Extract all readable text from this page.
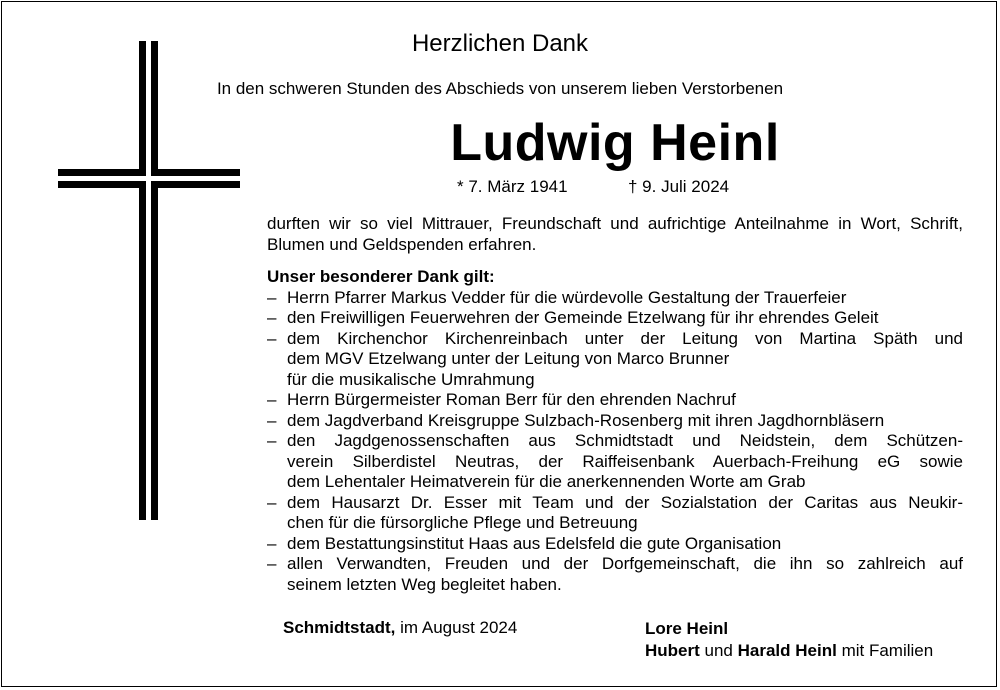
Herzlichen Dank
In den schweren Stunden des Abschieds von unserem lieben Verstorbenen
Ludwig Heinl
* 7. März 1941	† 9. Juli 2024
durften wir so viel Mittrauer, Freundschaft und aufrichtige Anteilnahme in Wort, Schrift, Blumen und Geldspenden erfahren.
Unser besonderer Dank gilt:
– Herrn Pfarrer Markus Vedder für die würdevolle Gestaltung der Trauerfeier
– den Freiwilligen Feuerwehren der Gemeinde Etzelwang für ihr ehrendes Geleit
– dem Kirchenchor Kirchenreinbach unter der Leitung von Martina Späth und
dem MGV Etzelwang unter der Leitung von Marco Brunner
für die musikalische Umrahmung
– Herrn Bürgermeister Roman Berr für den ehrenden Nachruf
– dem Jagdverband Kreisgruppe Sulzbach-Rosenberg mit ihren Jagdhornbläsern
– den Jagdgenossenschaften aus Schmidtstadt und Neidstein, dem Schützen-
verein Silberdistel Neutras, der Raiffeisenbank Auerbach-Freihung eG sowie
dem Lehentaler Heimatverein für die anerkennenden Worte am Grab
– dem Hausarzt Dr. Esser mit Team und der Sozialstation der Caritas aus Neukir-
chen für die fürsorgliche Pflege und Betreuung
– dem Bestattungsinstitut Haas aus Edelsfeld die gute Organisation
– allen Verwandten, Freuden und der Dorfgemeinschaft, die ihn so zahlreich auf
seinem letzten Weg begleitet haben.
Schmidtstadt, im August 2024	Lore Heinl
Hubert und Harald Heinl mit Familien
